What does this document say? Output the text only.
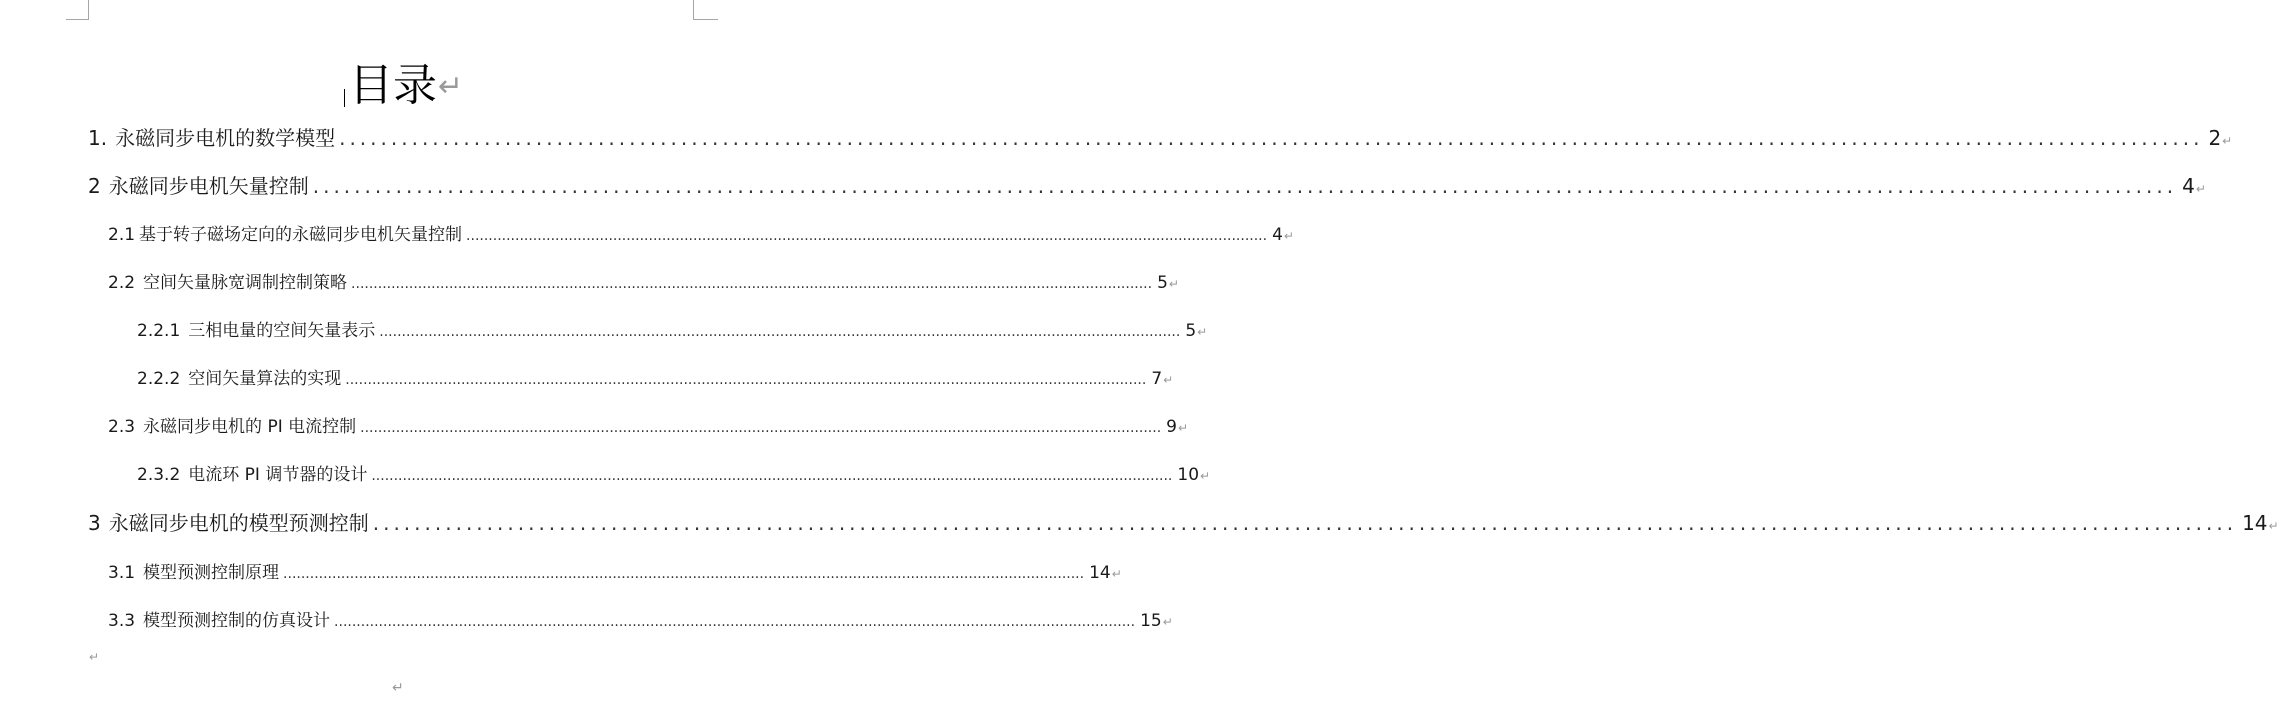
目录↵
1. 永磁同步电机的数学模型 .................................................................................................................................................................................... 2 ↵
2 永磁同步电机矢量控制 .................................................................................................................................................................................... 4 ↵
2.1 基于转子磁场定向的永磁同步电机矢量控制 .................................................................................................................................................................................... 4 ↵
2.2 空间矢量脉宽调制控制策略 .................................................................................................................................................................................... 5 ↵
2.2.1 三相电量的空间矢量表示 .................................................................................................................................................................................... 5 ↵
2.2.2 空间矢量算法的实现 .................................................................................................................................................................................... 7 ↵
2.3 永磁同步电机的 PI 电流控制 .................................................................................................................................................................................... 9 ↵
2.3.2 电流环 PI 调节器的设计 .................................................................................................................................................................................... 10 ↵
3 永磁同步电机的模型预测控制 .................................................................................................................................................................................... 14 ↵
3.1 模型预测控制原理 .................................................................................................................................................................................... 14 ↵
3.3 模型预测控制的仿真设计 .................................................................................................................................................................................... 15 ↵
↵
↵
